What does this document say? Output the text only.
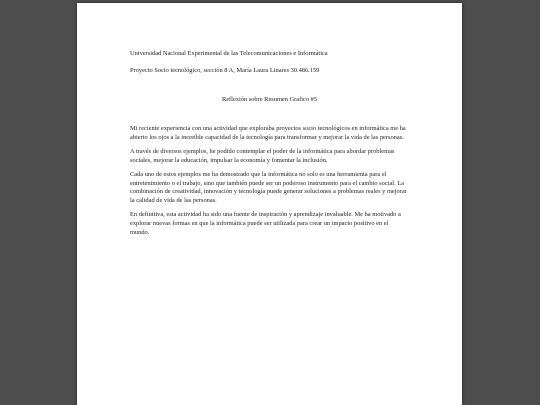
Universidad Nacional Experimental de las Telecomunicaciones e Informática
Proyecto Socio tecnológico, sección 8 A, María Laura Linares 30.486.159
Reflexión sobre Resumen Grafico #5

Mi reciente experiencia con una actividad que exploraba proyectos socio tecnológicos en informática me ha abierto los ojos a la increíble capacidad de la tecnología para transformar y mejorar la vida de las personas.

A través de diversos ejemplos, he podido contemplar el poder de la informática para abordar problemas sociales, mejorar la educación, impulsar la economía y fomentar la inclusión.

Cada uno de estos ejemplos me ha demostrado que la informática no solo es una herramienta para el entretenimiento o el trabajo, sino que también puede ser un poderoso instrumento para el cambio social. La combinación de creatividad, innovación y tecnología puede generar soluciones a problemas reales y mejorar la calidad de vida de las personas.

En definitiva, esta actividad ha sido una fuente de inspiración y aprendizaje invaluable. Me ha motivado a explorar nuevas formas en que la informática puede ser utilizada para crear un impacto positivo en el mundo.
